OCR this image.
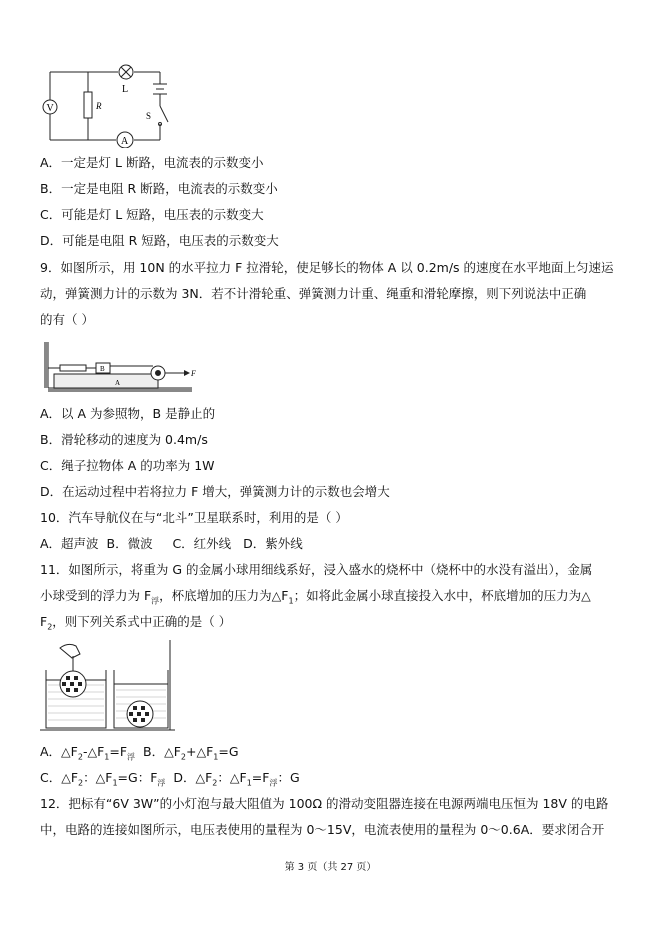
V
A
L
R
S
A．一定是灯 L 断路，电流表的示数变小
B．一定是电阻 R 断路，电流表的示数变小
C．可能是灯 L 短路，电压表的示数变大
D．可能是电阻 R 短路，电压表的示数变大
9．如图所示，用 10N 的水平拉力 F 拉滑轮，使足够长的物体 A 以 0.2m/s 的速度在水平地面上匀速运
动，弹簧测力计的示数为 3N．若不计滑轮重、弹簧测力计重、绳重和滑轮摩擦，则下列说法中正确
的有（ ）
B
A
F
A．以 A 为参照物，B 是静止的
B．滑轮移动的速度为 0.4m/s
C．绳子拉物体 A 的功率为 1W
D．在运动过程中若将拉力 F 增大，弹簧测力计的示数也会增大
10．汽车导航仪在与“北斗”卫星联系时，利用的是（ ）
A．超声波  B．微波     C．红外线   D．紫外线
11．如图所示，将重为 G 的金属小球用细线系好，浸入盛水的烧杯中（烧杯中的水没有溢出），金属
小球受到的浮力为 $F_浮$，杯底增加的压力为$\triangle F_1$；如将此金属小球直接投入水中，杯底增加的压力为△
$F_2$，则下列关系式中正确的是（ ）
A．$\triangle F_2-\triangle F_1=F_浮$ B．$\triangle F_2+\triangle F_1=G$
C．$\triangle F_2$：$\triangle F_1=G$：$F_浮$ D．$\triangle F_2$：$\triangle F_1=F_浮$：G
12．把标有“6V 3W”的小灯泡与最大阻值为 100Ω 的滑动变阻器连接在电源两端电压恒为 18V 的电路
中，电路的连接如图所示，电压表使用的量程为 0～15V，电流表使用的量程为 0～0.6A．要求闭合开
第 3 页（共 27 页）
